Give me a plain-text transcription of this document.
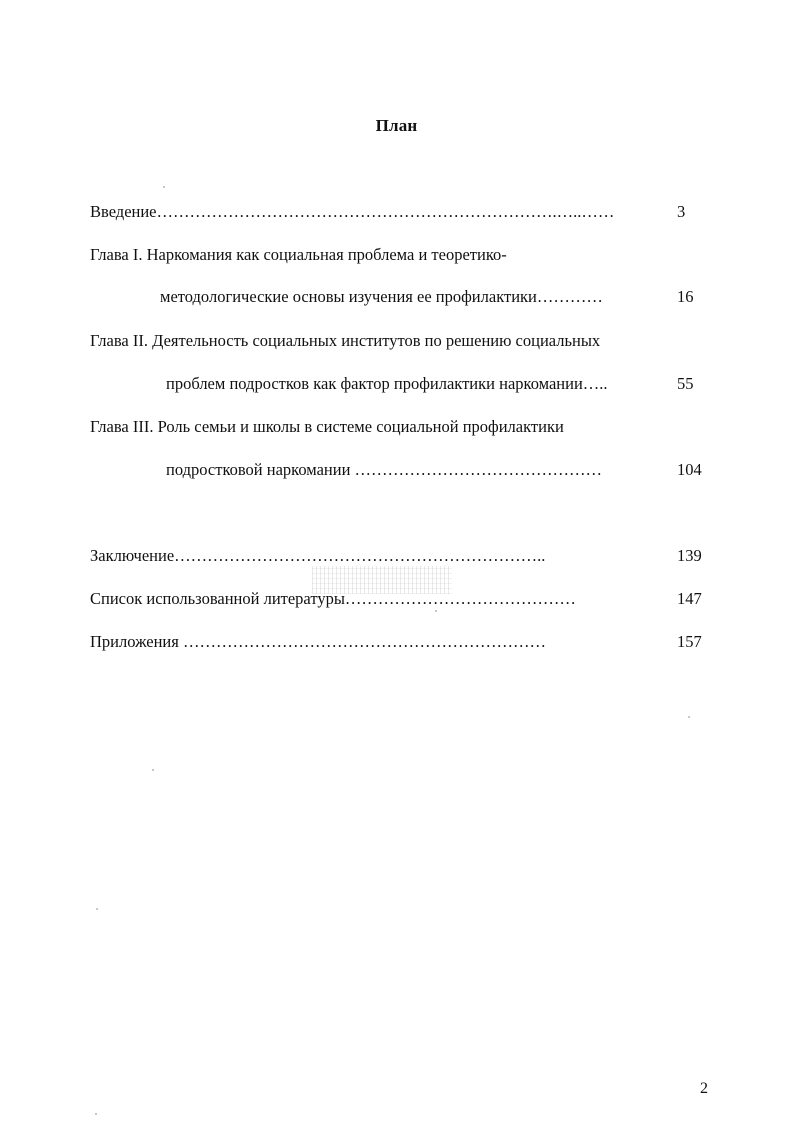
План
Введение……………………………………………………………….…..……	3
Глава I. Наркомания как социальная проблема и теоретико-
методологические основы изучения ее профилактики…………	16
Глава II. Деятельность социальных институтов по решению социальных
проблем подростков как фактор профилактики наркомании…..	55
Глава III. Роль семьи и школы в системе социальной профилактики
подростковой наркомании ………………………………………	104
Заключение…………………………………………………………..	139
Список использованной литературы……………………………………	147
Приложения …………………………………………………………	157
2
